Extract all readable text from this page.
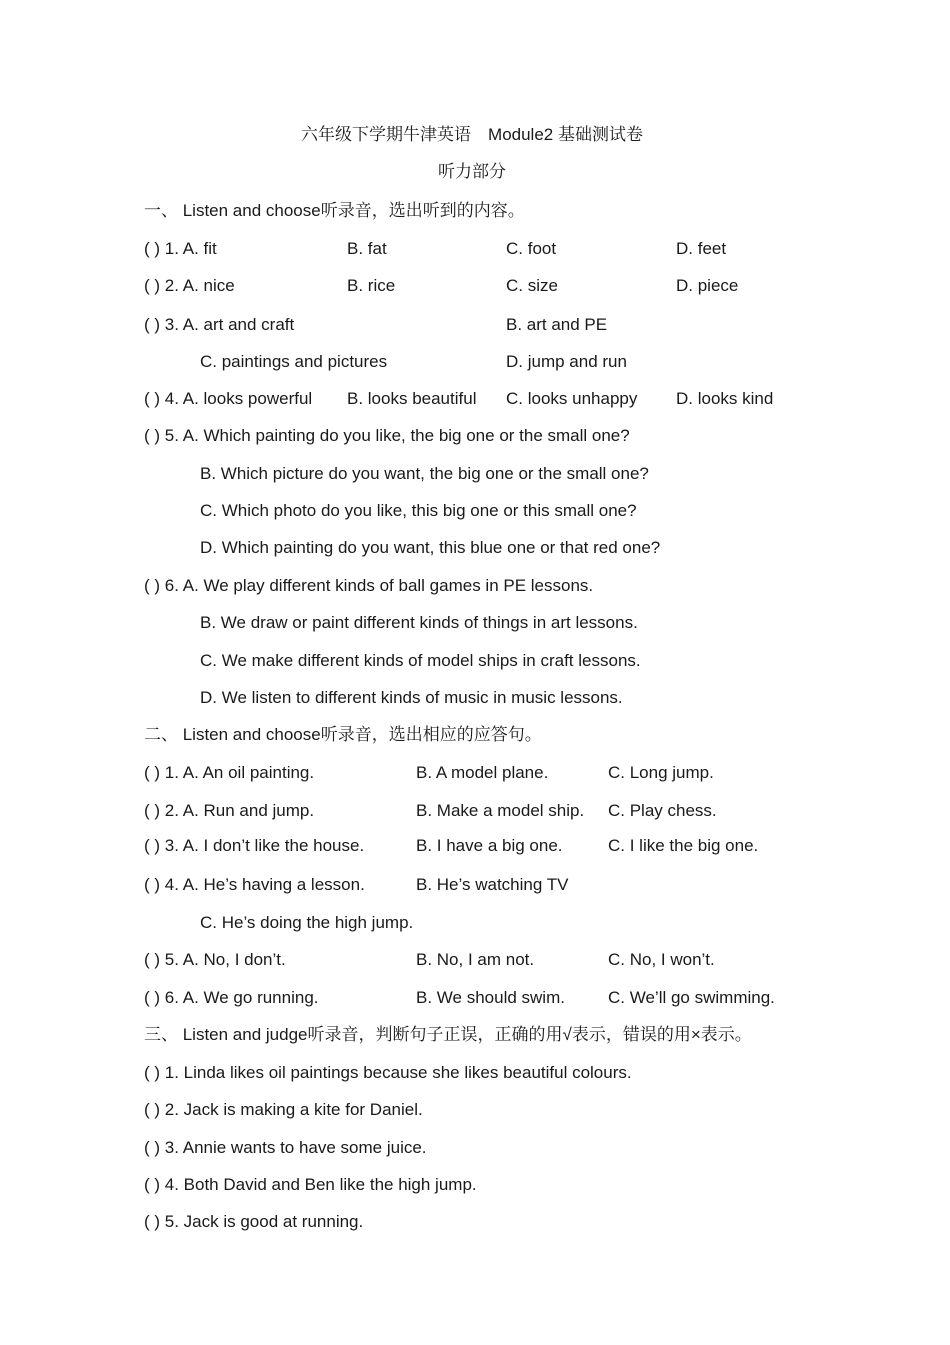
六年级下学期牛津英语　Module2 基础测试卷
听力部分
一、 Listen and choose听录音，选出听到的内容。
( ) 1. A. fit	B. fat	C. foot	D. feet
( ) 2. A. nice	B. rice	C. size	D. piece
( ) 3. A. art and craft	B. art and PE
C. paintings and pictures	D. jump and run
( ) 4. A. looks powerful B. looks beautiful C. looks unhappy D. looks kind
( ) 5. A. Which painting do you like, the big one or the small one?
B. Which picture do you want, the big one or the small one?
C. Which photo do you like, this big one or this small one?
D. Which painting do you want, this blue one or that red one?
( ) 6. A. We play different kinds of ball games in PE lessons.
B. We draw or paint different kinds of things in art lessons.
C. We make different kinds of model ships in craft lessons.
D. We listen to different kinds of music in music lessons.
二、 Listen and choose听录音，选出相应的应答句。
( ) 1. A. An oil painting.	B. A model plane.	C. Long jump.
( ) 2. A. Run and jump.	B. Make a model ship. C. Play chess.
( ) 3. A. I don’t like the house.	B. I have a big one.	C. I like the big one.
( ) 4. A. He’s having a lesson.	B. He’s watching TV
C. He’s doing the high jump.
( ) 5. A. No, I don’t.	B. No, I am not.	C. No, I won’t.
( ) 6. A. We go running.	B. We should swim.	C. We’ll go swimming.
三、 Listen and judge听录音，判断句子正误，正确的用√表示，错误的用×表示。
( ) 1. Linda likes oil paintings because she likes beautiful colours.
( ) 2. Jack is making a kite for Daniel.
( ) 3. Annie wants to have some juice.
( ) 4. Both David and Ben like the high jump.
( ) 5. Jack is good at running.
